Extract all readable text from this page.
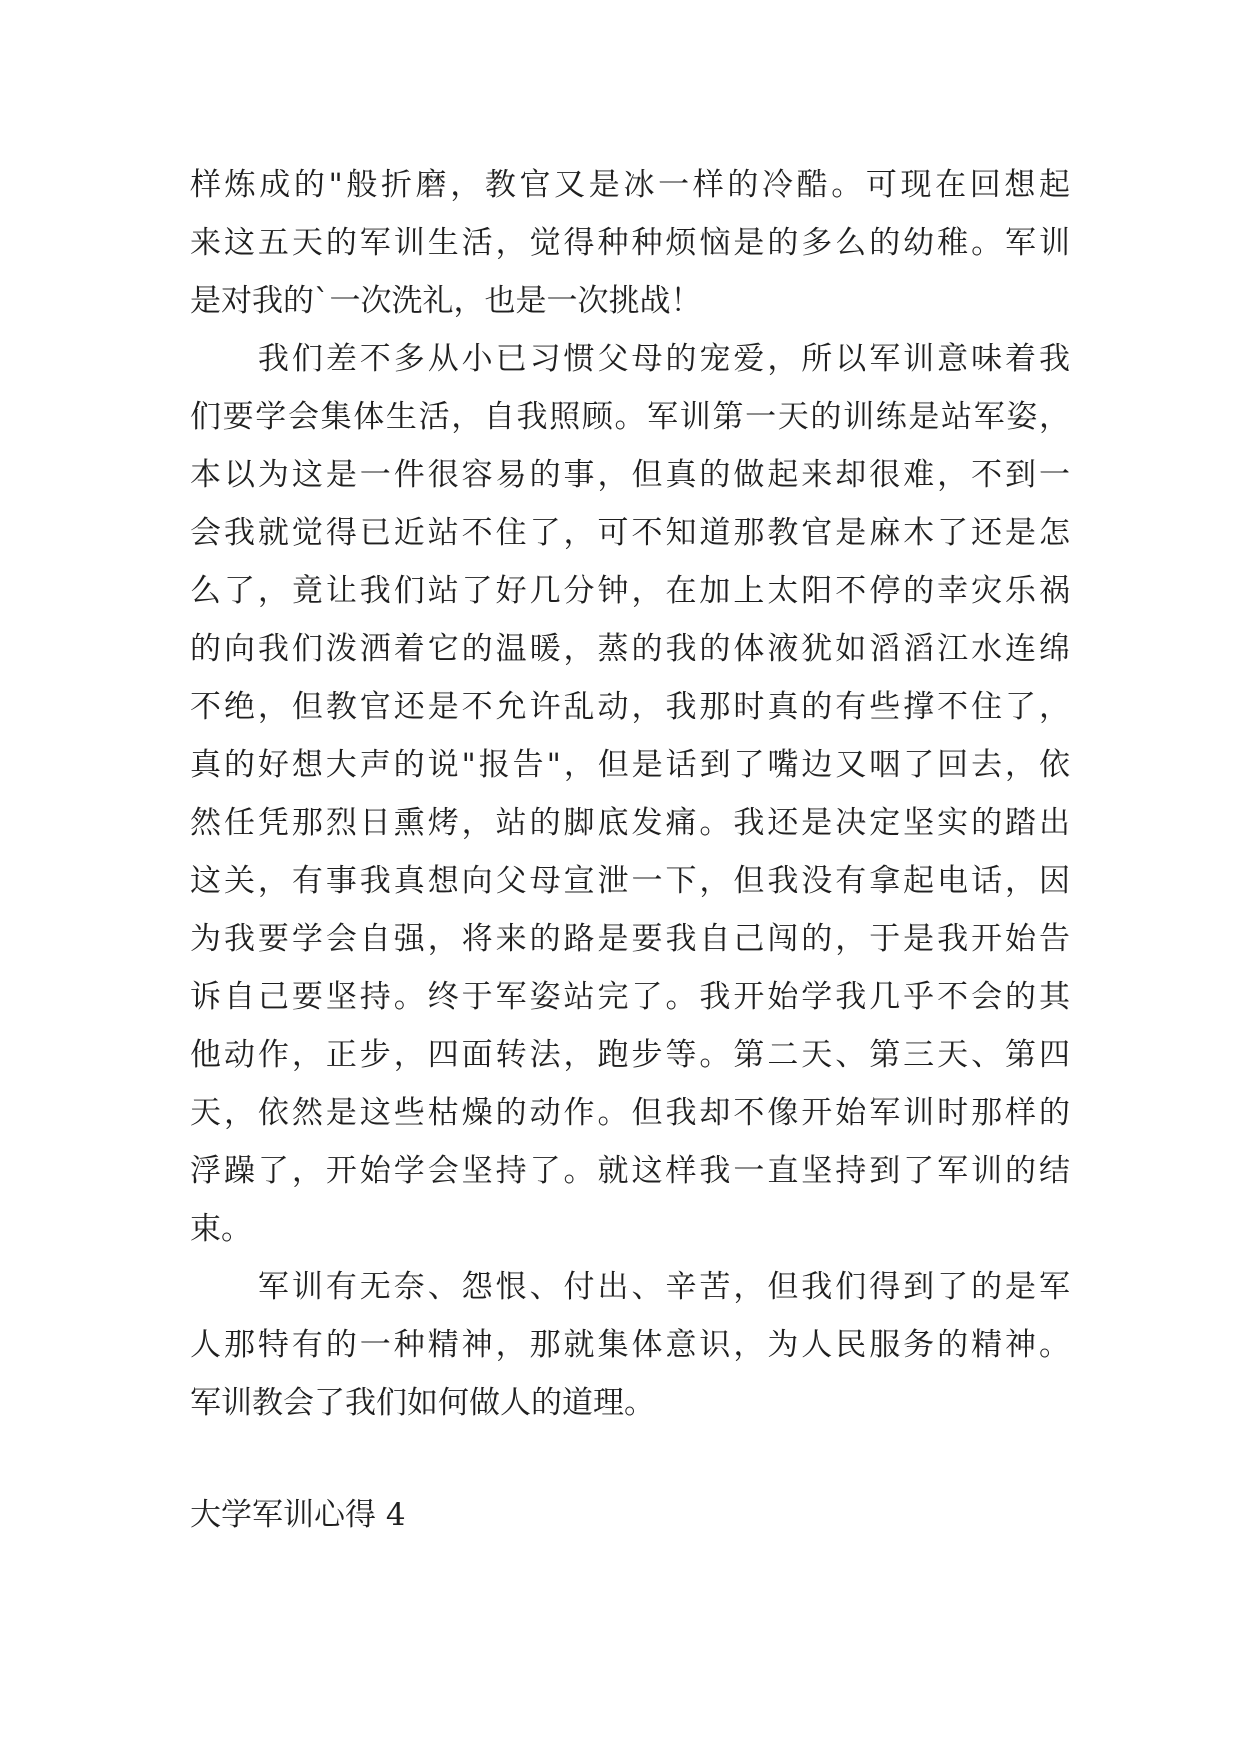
样炼成的"般折磨，教官又是冰一样的冷酷。可现在回想起
来这五天的军训生活，觉得种种烦恼是的多么的幼稚。军训
是对我的`一次洗礼，也是一次挑战！
　　我们差不多从小已习惯父母的宠爱，所以军训意味着我
们要学会集体生活，自我照顾。军训第一天的训练是站军姿，
本以为这是一件很容易的事，但真的做起来却很难，不到一
会我就觉得已近站不住了，可不知道那教官是麻木了还是怎
么了，竟让我们站了好几分钟，在加上太阳不停的幸灾乐祸
的向我们泼洒着它的温暖，蒸的我的体液犹如滔滔江水连绵
不绝，但教官还是不允许乱动，我那时真的有些撑不住了，
真的好想大声的说"报告"，但是话到了嘴边又咽了回去，依
然任凭那烈日熏烤，站的脚底发痛。我还是决定坚实的踏出
这关，有事我真想向父母宣泄一下，但我没有拿起电话，因
为我要学会自强，将来的路是要我自己闯的，于是我开始告
诉自己要坚持。终于军姿站完了。我开始学我几乎不会的其
他动作，正步，四面转法，跑步等。第二天、第三天、第四
天，依然是这些枯燥的动作。但我却不像开始军训时那样的
浮躁了，开始学会坚持了。就这样我一直坚持到了军训的结
束。
　　军训有无奈、怨恨、付出、辛苦，但我们得到了的是军
人那特有的一种精神，那就集体意识，为人民服务的精神。
军训教会了我们如何做人的道理。
大学军训心得 4
